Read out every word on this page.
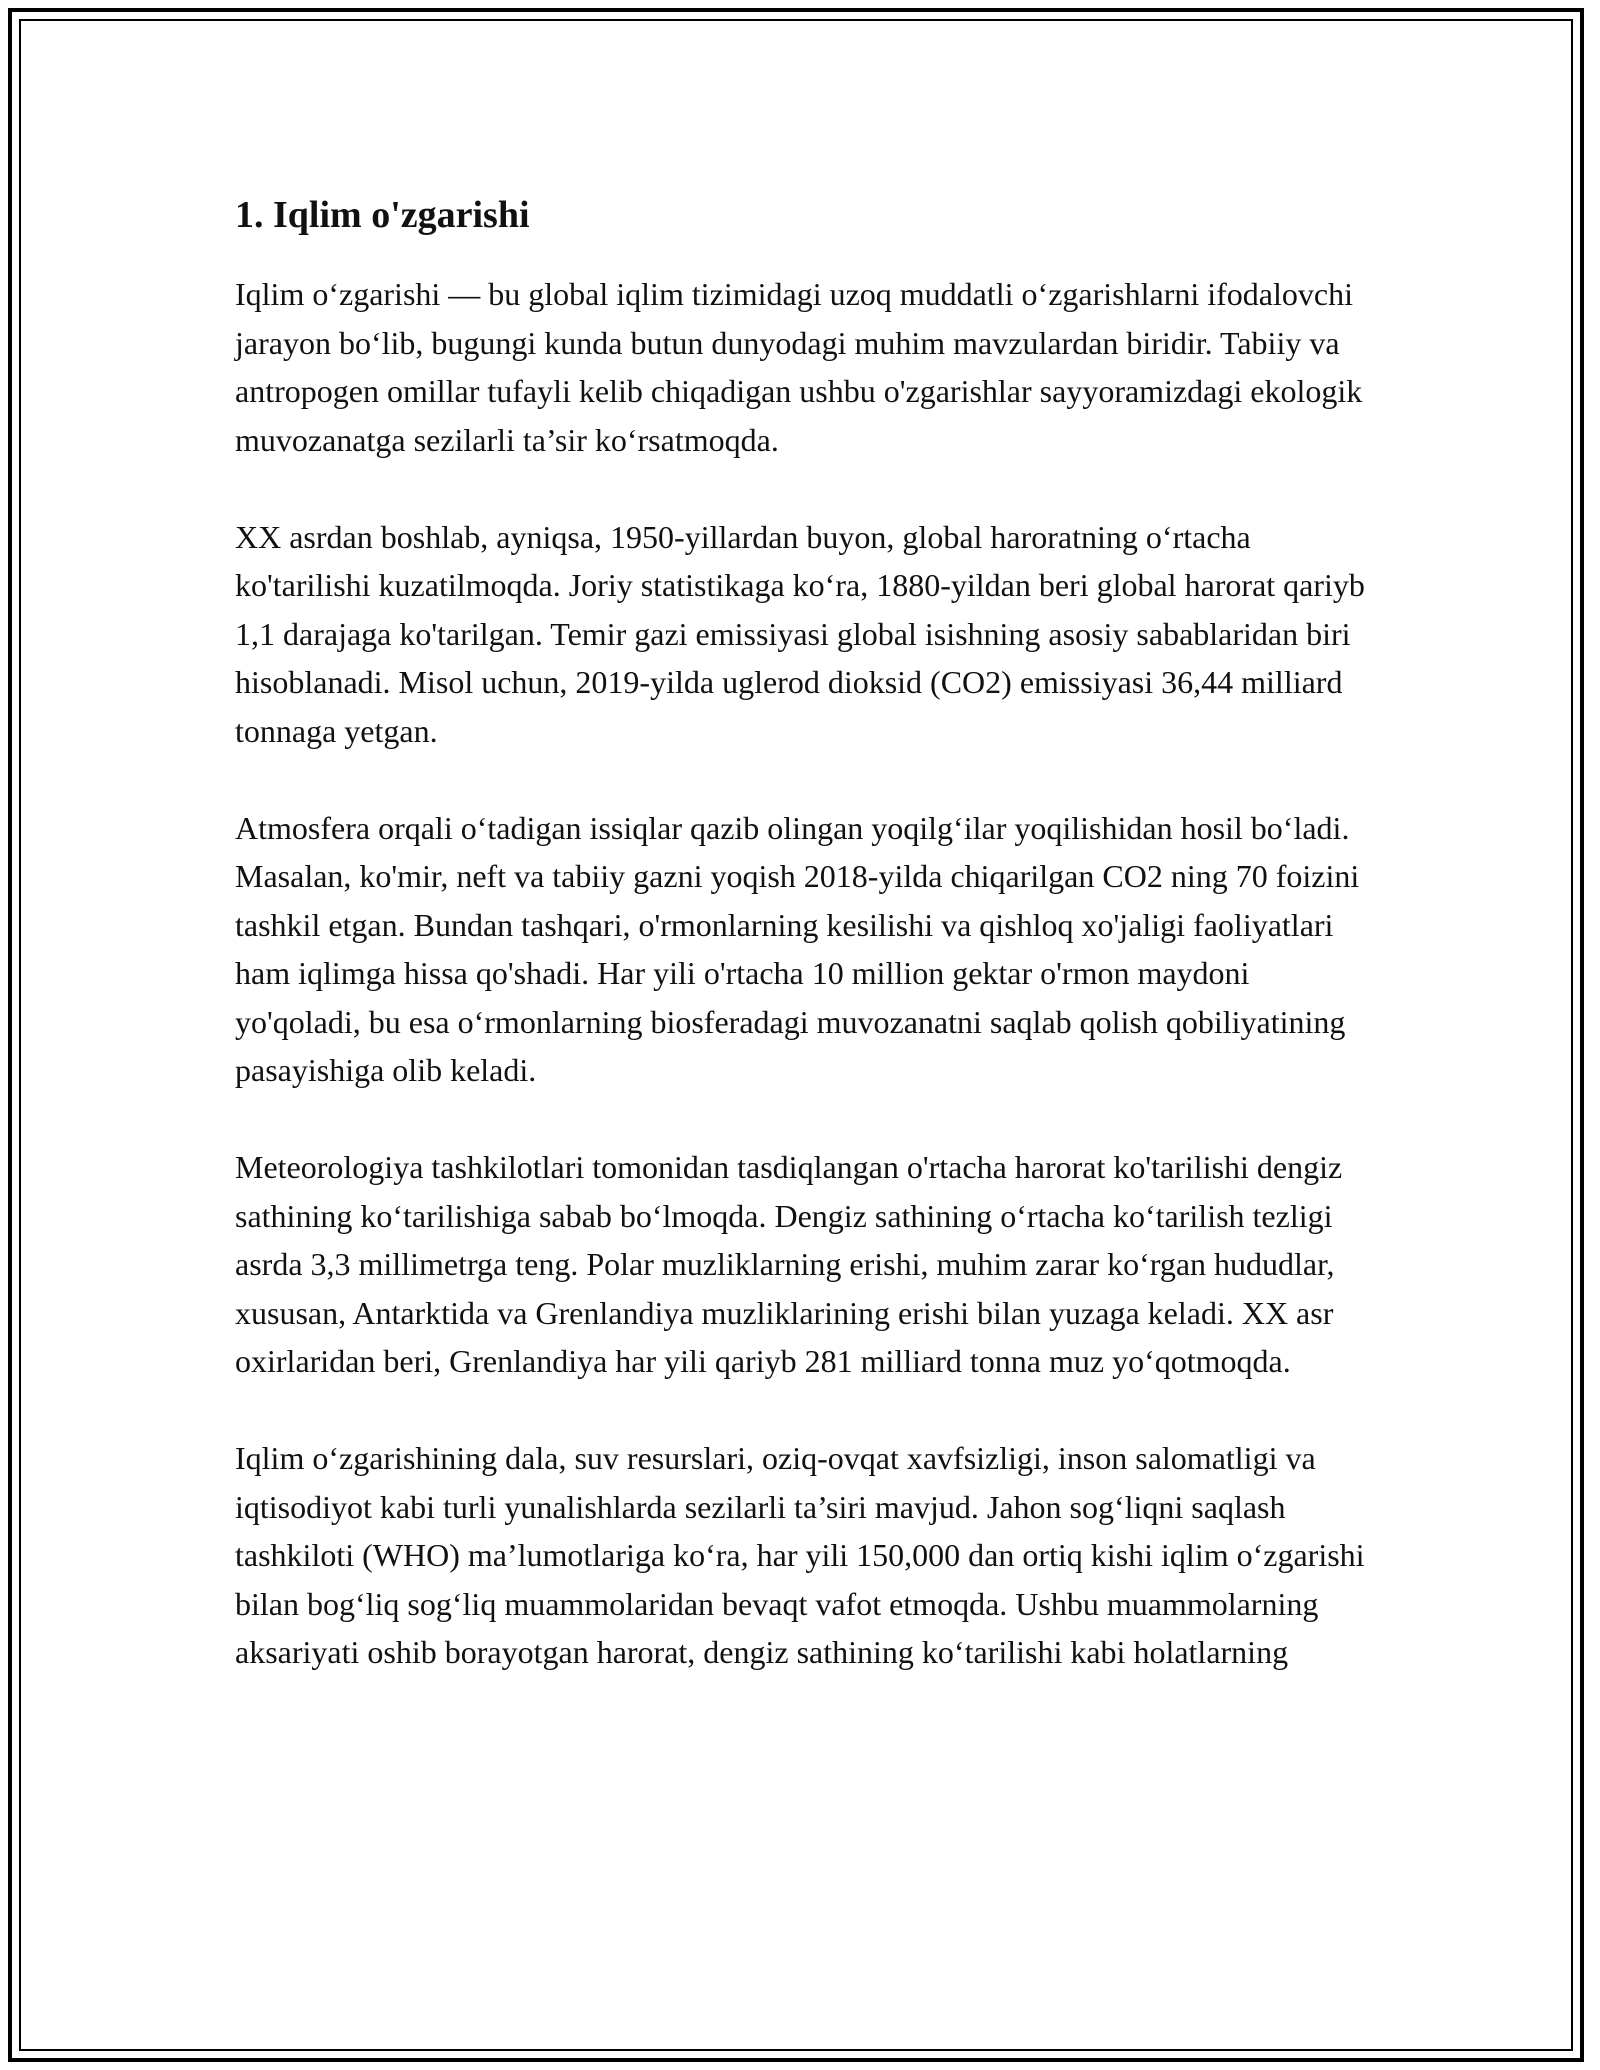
1. Iqlim o'zgarishi

Iqlim o‘zgarishi — bu global iqlim tizimidagi uzoq muddatli o‘zgarishlarni ifodalovchi jarayon bo‘lib, bugungi kunda butun dunyodagi muhim mavzulardan biridir. Tabiiy va antropogen omillar tufayli kelib chiqadigan ushbu o'zgarishlar sayyoramizdagi ekologik muvozanatga sezilarli ta’sir ko‘rsatmoqda.

XX asrdan boshlab, ayniqsa, 1950-yillardan buyon, global haroratning o‘rtacha ko'tarilishi kuzatilmoqda. Joriy statistikaga ko‘ra, 1880-yildan beri global harorat qariyb 1,1 darajaga ko'tarilgan. Temir gazi emissiyasi global isishning asosiy sabablaridan biri hisoblanadi. Misol uchun, 2019-yilda uglerod dioksid (CO2) emissiyasi 36,44 milliard tonnaga yetgan.

Atmosfera orqali o‘tadigan issiqlar qazib olingan yoqilg‘ilar yoqilishidan hosil bo‘ladi. Masalan, ko'mir, neft va tabiiy gazni yoqish 2018-yilda chiqarilgan CO2 ning 70 foizini tashkil etgan. Bundan tashqari, o'rmonlarning kesilishi va qishloq xo'jaligi faoliyatlari ham iqlimga hissa qo'shadi. Har yili o'rtacha 10 million gektar o'rmon maydoni yo'qoladi, bu esa o‘rmonlarning biosferadagi muvozanatni saqlab qolish qobiliyatining pasayishiga olib keladi.

Meteorologiya tashkilotlari tomonidan tasdiqlangan o'rtacha harorat ko'tarilishi dengiz sathining ko‘tarilishiga sabab bo‘lmoqda. Dengiz sathining o‘rtacha ko‘tarilish tezligi asrda 3,3 millimetrga teng. Polar muzliklarning erishi, muhim zarar ko‘rgan hududlar, xususan, Antarktida va Grenlandiya muzliklarining erishi bilan yuzaga keladi. XX asr oxirlaridan beri, Grenlandiya har yili qariyb 281 milliard tonna muz yo‘qotmoqda.

Iqlim o‘zgarishining dala, suv resurslari, oziq-ovqat xavfsizligi, inson salomatligi va iqtisodiyot kabi turli yunalishlarda sezilarli ta’siri mavjud. Jahon sog‘liqni saqlash tashkiloti (WHO) ma’lumotlariga ko‘ra, har yili 150,000 dan ortiq kishi iqlim o‘zgarishi bilan bog‘liq sog‘liq muammolaridan bevaqt vafot etmoqda. Ushbu muammolarning aksariyati oshib borayotgan harorat, dengiz sathining ko‘tarilishi kabi holatlarning
